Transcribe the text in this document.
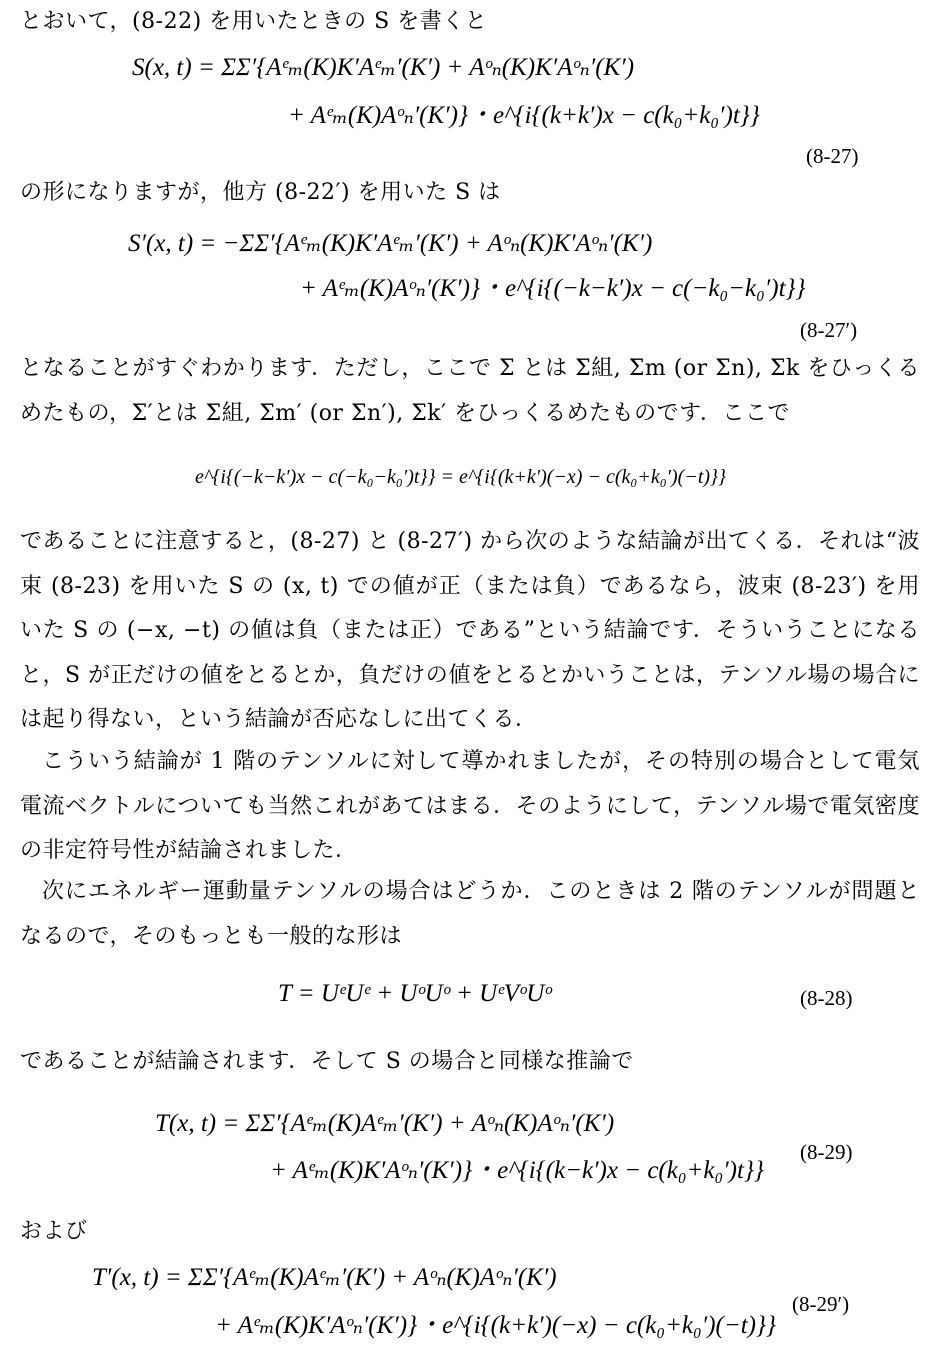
とおいて，(8-22) を用いたときの S を書くと

S(x, t) = ΣΣ′{Aᵉₘ(K)K′Aᵉₘ′(K′) + Aᵒₙ(K)K′Aᵒₙ′(K′)
+ Aᵉₘ(K)Aᵒₙ′(K′)}・e^{i{(k+k′)x − c(k₀+k₀′)t}}
(8-27)

の形になりますが，他方 (8-22′) を用いた S は

S′(x, t) = −ΣΣ′{Aᵉₘ(K)K′Aᵉₘ′(K′) + Aᵒₙ(K)K′Aᵒₙ′(K′)
+ Aᵉₘ(K)Aᵒₙ′(K′)}・e^{i{(−k−k′)x − c(−k₀−k₀′)t}}
(8-27′)

となることがすぐわかります．ただし，ここで Σ とは Σ組, Σm (or Σn), Σk をひっくるめたもの，Σ′とは Σ組, Σm′ (or Σn′), Σk′ をひっくるめたものです．ここで

e^{i{(−k−k′)x − c(−k₀−k₀′)t}} = e^{i{(k+k′)(−x) − c(k₀+k₀′)(−t)}}

であることに注意すると，(8-27) と (8-27′) から次のような結論が出てくる．それは“波束 (8-23) を用いた S の (x, t) での値が正（または負）であるなら，波束 (8-23′) を用いた S の (−x, −t) の値は負（または正）である”という結論です．そういうことになると，S が正だけの値をとるとか，負だけの値をとるとかいうことは，テンソル場の場合には起り得ない，という結論が否応なしに出てくる．

こういう結論が 1 階のテンソルに対して導かれましたが，その特別の場合として電気電流ベクトルについても当然これがあてはまる．そのようにして，テンソル場で電気密度の非定符号性が結論されました．

次にエネルギー運動量テンソルの場合はどうか．このときは 2 階のテンソルが問題となるので，そのもっとも一般的な形は

T = UᵉUᵉ + UᵒUᵒ + UᵉVᵒUᵒ	(8-28)

であることが結論されます．そして S の場合と同様な推論で

T(x, t) = ΣΣ′{Aᵉₘ(K)Aᵉₘ′(K′) + Aᵒₙ(K)Aᵒₙ′(K′)
+ Aᵉₘ(K)K′Aᵒₙ′(K′)}・e^{i{(k−k′)x − c(k₀+k₀′)t}}
(8-29)

および

T′(x, t) = ΣΣ′{Aᵉₘ(K)Aᵉₘ′(K′) + Aᵒₙ(K)Aᵒₙ′(K′)
+ Aᵉₘ(K)K′Aᵒₙ′(K′)}・e^{i{(k+k′)(−x) − c(k₀+k₀′)(−t)}}
(8-29′)
